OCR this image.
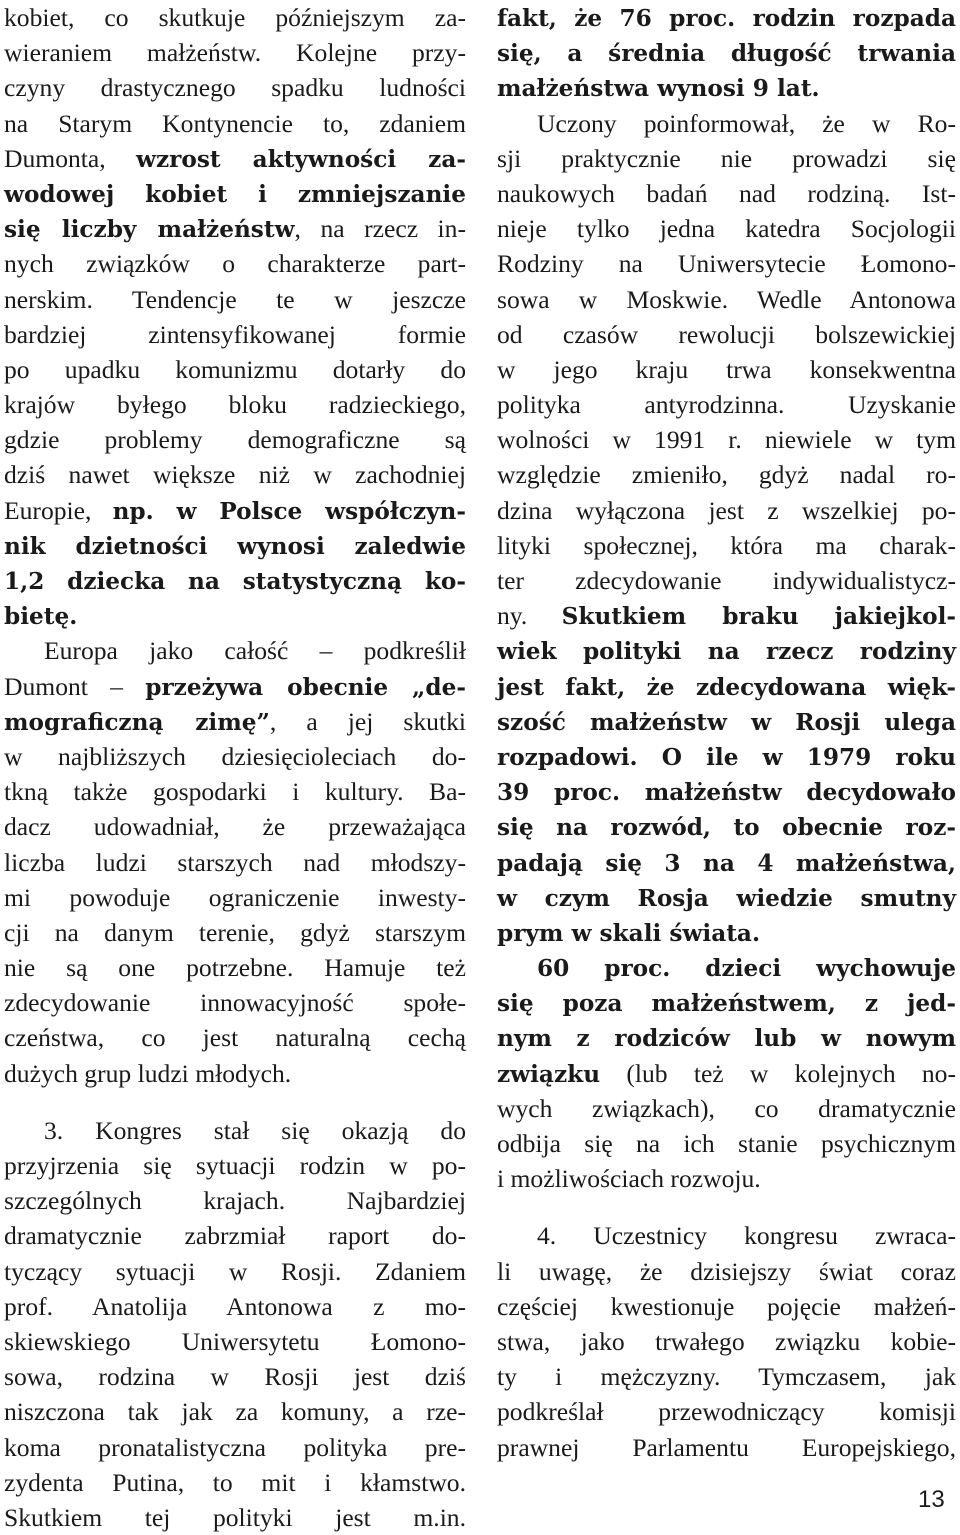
kobiet, co skutkuje późniejszym za-
wieraniem małżeństw. Kolejne przy-
czyny drastycznego spadku ludności
na Starym Kontynencie to, zdaniem
Dumonta, wzrost aktywności za-
wodowej kobiet i zmniejszanie
się liczby małżeństw, na rzecz in-
nych związków o charakterze part-
nerskim. Tendencje te w jeszcze
bardziej zintensyfikowanej formie
po upadku komunizmu dotarły do
krajów byłego bloku radzieckiego,
gdzie problemy demograficzne są
dziś nawet większe niż w zachodniej
Europie, np. w Polsce współczyn-
nik dzietności wynosi zaledwie
1,2 dziecka na statystyczną ko-
bietę.
Europa jako całość – podkreślił
Dumont – przeżywa obecnie „de-
mograficzną zimę”, a jej skutki
w najbliższych dziesięcioleciach do-
tkną także gospodarki i kultury. Ba-
dacz udowadniał, że przeważająca
liczba ludzi starszych nad młodszy-
mi powoduje ograniczenie inwesty-
cji na danym terenie, gdyż starszym
nie są one potrzebne. Hamuje też
zdecydowanie innowacyjność społe-
czeństwa, co jest naturalną cechą
dużych grup ludzi młodych.
3. Kongres stał się okazją do
przyjrzenia się sytuacji rodzin w po-
szczególnych krajach. Najbardziej
dramatycznie zabrzmiał raport do-
tyczący sytuacji w Rosji. Zdaniem
prof. Anatolija Antonowa z mo-
skiewskiego Uniwersytetu Łomono-
sowa, rodzina w Rosji jest dziś
niszczona tak jak za komuny, a rze-
koma pronatalistyczna polityka pre-
zydenta Putina, to mit i kłamstwo.
Skutkiem tej polityki jest m.in.
fakt, że 76 proc. rodzin rozpada
się, a średnia długość trwania
małżeństwa wynosi 9 lat.
Uczony poinformował, że w Ro-
sji praktycznie nie prowadzi się
naukowych badań nad rodziną. Ist-
nieje tylko jedna katedra Socjologii
Rodziny na Uniwersytecie Łomono-
sowa w Moskwie. Wedle Antonowa
od czasów rewolucji bolszewickiej
w jego kraju trwa konsekwentna
polityka antyrodzinna. Uzyskanie
wolności w 1991 r. niewiele w tym
względzie zmieniło, gdyż nadal ro-
dzina wyłączona jest z wszelkiej po-
lityki społecznej, która ma charak-
ter zdecydowanie indywidualistycz-
ny. Skutkiem braku jakiejkol-
wiek polityki na rzecz rodziny
jest fakt, że zdecydowana więk-
szość małżeństw w Rosji ulega
rozpadowi. O ile w 1979 roku
39 proc. małżeństw decydowało
się na rozwód, to obecnie roz-
padają się 3 na 4 małżeństwa,
w czym Rosja wiedzie smutny
prym w skali świata.
60 proc. dzieci wychowuje
się poza małżeństwem, z jed-
nym z rodziców lub w nowym
związku (lub też w kolejnych no-
wych związkach), co dramatycznie
odbija się na ich stanie psychicznym
i możliwościach rozwoju.
4. Uczestnicy kongresu zwraca-
li uwagę, że dzisiejszy świat coraz
częściej kwestionuje pojęcie małżeń-
stwa, jako trwałego związku kobie-
ty i mężczyzny. Tymczasem, jak
podkreślał przewodniczący komisji
prawnej Parlamentu Europejskiego,
13
